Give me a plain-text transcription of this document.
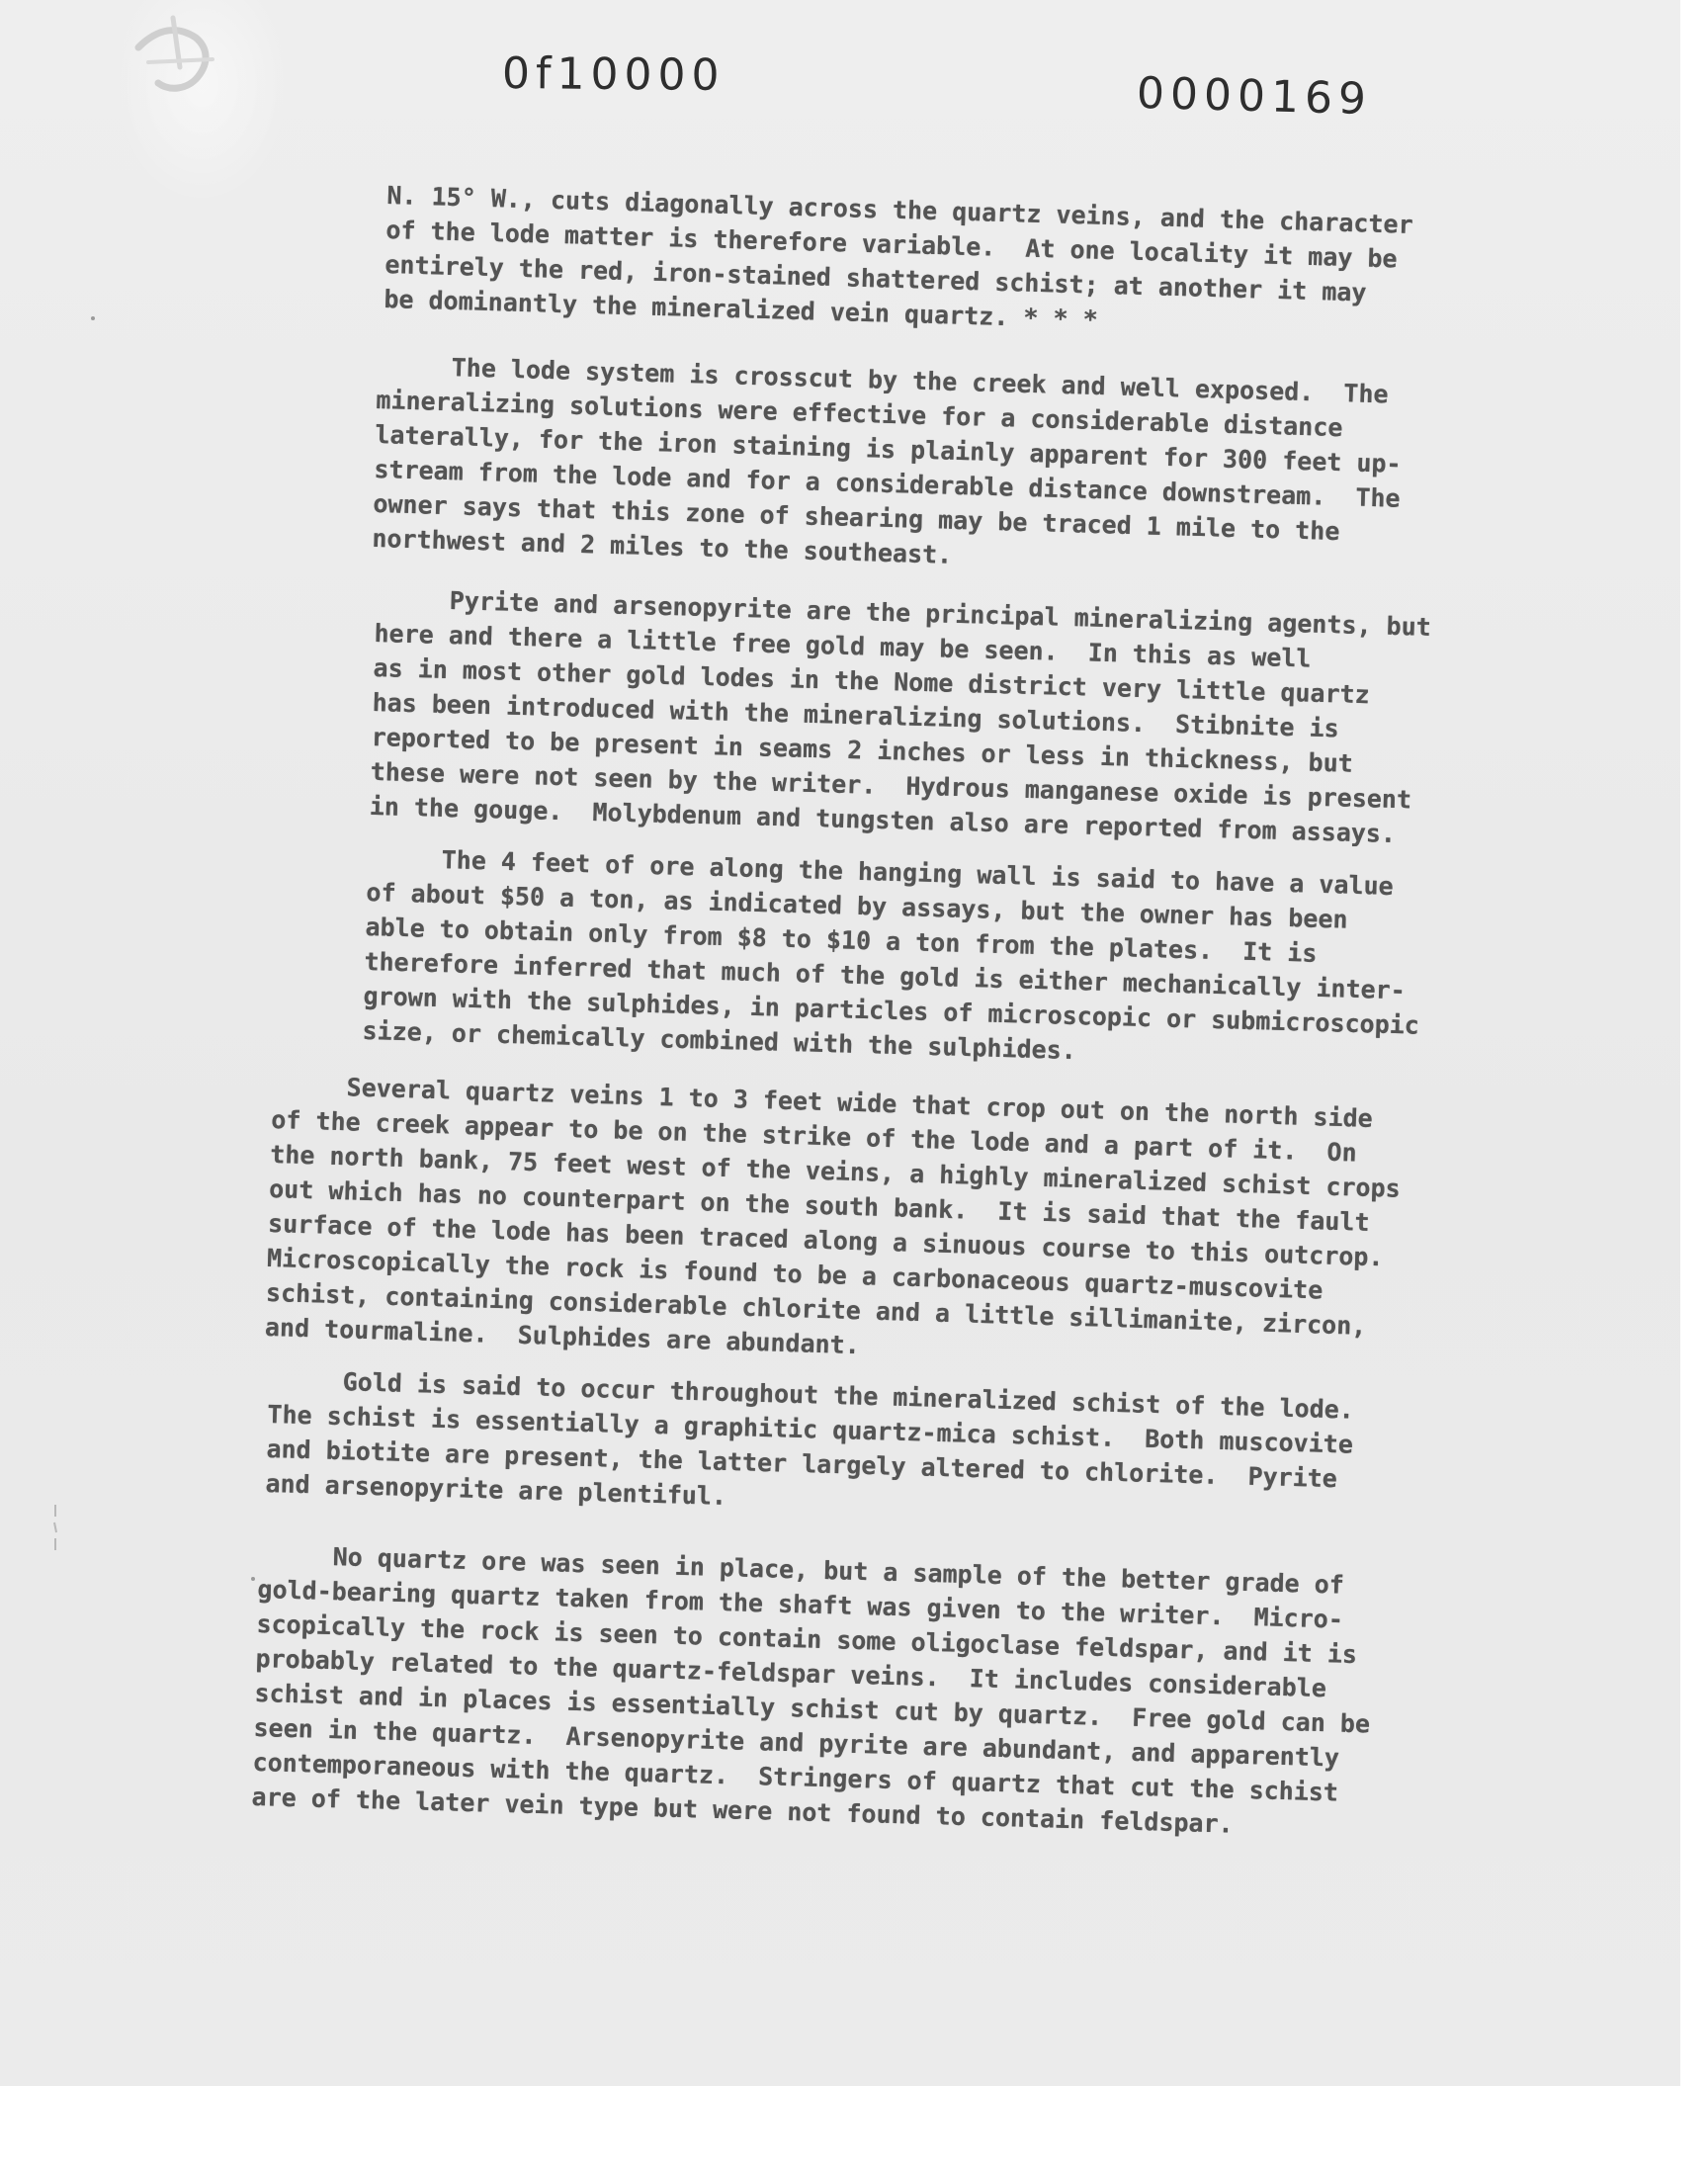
0f10000	0000169

N. 15° W., cuts diagonally across the quartz veins, and the character
of the lode matter is therefore variable.  At one locality it may be
entirely the red, iron-stained shattered schist; at another it may
be dominantly the mineralized vein quartz. * * *

The lode system is crosscut by the creek and well exposed.  The
mineralizing solutions were effective for a considerable distance
laterally, for the iron staining is plainly apparent for 300 feet up-
stream from the lode and for a considerable distance downstream.  The
owner says that this zone of shearing may be traced 1 mile to the
northwest and 2 miles to the southeast.

Pyrite and arsenopyrite are the principal mineralizing agents, but
here and there a little free gold may be seen.  In this as well
as in most other gold lodes in the Nome district very little quartz
has been introduced with the mineralizing solutions.  Stibnite is
reported to be present in seams 2 inches or less in thickness, but
these were not seen by the writer.  Hydrous manganese oxide is present
in the gouge.  Molybdenum and tungsten also are reported from assays.

The 4 feet of ore along the hanging wall is said to have a value
of about $50 a ton, as indicated by assays, but the owner has been
able to obtain only from $8 to $10 a ton from the plates.  It is
therefore inferred that much of the gold is either mechanically inter-
grown with the sulphides, in particles of microscopic or submicroscopic
size, or chemically combined with the sulphides.

Several quartz veins 1 to 3 feet wide that crop out on the north side
of the creek appear to be on the strike of the lode and a part of it.  On
the north bank, 75 feet west of the veins, a highly mineralized schist crops
out which has no counterpart on the south bank.  It is said that the fault
surface of the lode has been traced along a sinuous course to this outcrop.
Microscopically the rock is found to be a carbonaceous quartz-muscovite
schist, containing considerable chlorite and a little sillimanite, zircon,
and tourmaline.  Sulphides are abundant.

Gold is said to occur throughout the mineralized schist of the lode.
The schist is essentially a graphitic quartz-mica schist.  Both muscovite
and biotite are present, the latter largely altered to chlorite.  Pyrite
and arsenopyrite are plentiful.

No quartz ore was seen in place, but a sample of the better grade of
gold-bearing quartz taken from the shaft was given to the writer.  Micro-
scopically the rock is seen to contain some oligoclase feldspar, and it is
probably related to the quartz-feldspar veins.  It includes considerable
schist and in places is essentially schist cut by quartz.  Free gold can be
seen in the quartz.  Arsenopyrite and pyrite are abundant, and apparently
contemporaneous with the quartz.  Stringers of quartz that cut the schist
are of the later vein type but were not found to contain feldspar.
